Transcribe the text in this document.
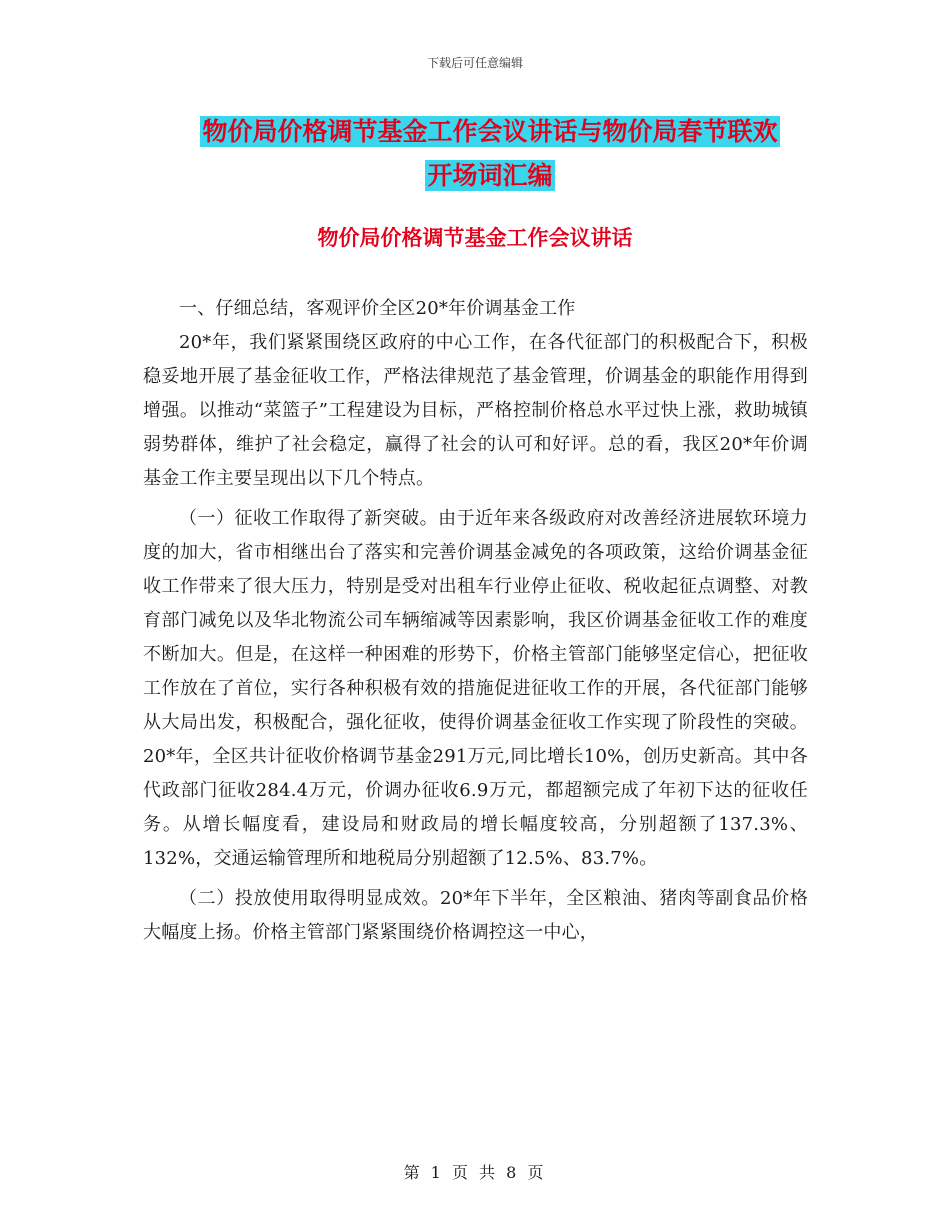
下载后可任意编辑
物价局价格调节基金工作会议讲话与物价局春节联欢
开场词汇编
物价局价格调节基金工作会议讲话

一、仔细总结，客观评价全区20*年价调基金工作

20*年，我们紧紧围绕区政府的中心工作，在各代征部门的积极配合下，积极稳妥地开展了基金征收工作，严格法律规范了基金管理，价调基金的职能作用得到增强。以推动“菜篮子”工程建设为目标，严格控制价格总水平过快上涨，救助城镇弱势群体，维护了社会稳定，赢得了社会的认可和好评。总的看，我区20*年价调基金工作主要呈现出以下几个特点。

（一）征收工作取得了新突破。由于近年来各级政府对改善经济进展软环境力度的加大，省市相继出台了落实和完善价调基金减免的各项政策，这给价调基金征收工作带来了很大压力，特别是受对出租车行业停止征收、税收起征点调整、对教育部门减免以及华北物流公司车辆缩减等因素影响，我区价调基金征收工作的难度不断加大。但是，在这样一种困难的形势下，价格主管部门能够坚定信心，把征收工作放在了首位，实行各种积极有效的措施促进征收工作的开展，各代征部门能够从大局出发，积极配合，强化征收，使得价调基金征收工作实现了阶段性的突破。20*年，全区共计征收价格调节基金291万元,同比增长10%，创历史新高。其中各代政部门征收284.4万元，价调办征收6.9万元，都超额完成了年初下达的征收任务。从增长幅度看，建设局和财政局的增长幅度较高，分别超额了137.3%、132%，交通运输管理所和地税局分别超额了12.5%、83.7%。

（二）投放使用取得明显成效。20*年下半年，全区粮油、猪肉等副食品价格大幅度上扬。价格主管部门紧紧围绕价格调控这一中心，

第 1 页 共 8 页
